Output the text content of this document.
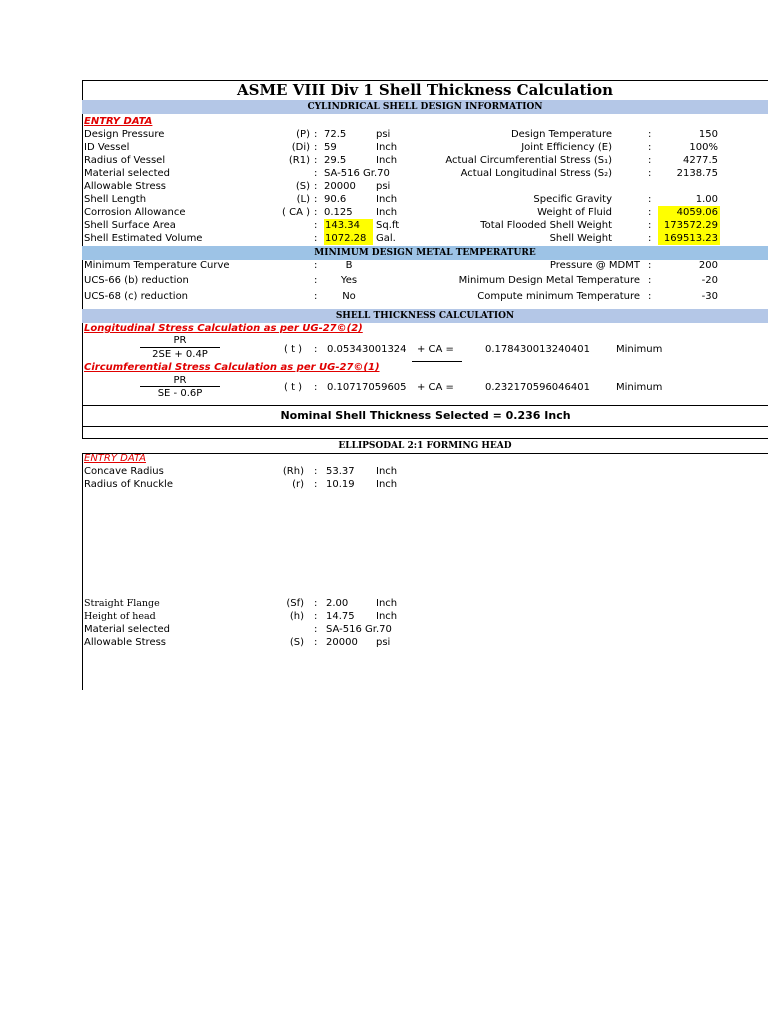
ASME VIII Div 1 Shell Thickness Calculation
CYLINDRICAL SHELL DESIGN INFORMATION
ENTRY DATA
Design Pressure	(P) : 72.5	psi
ID Vessel	(Di) : 59	Inch
Radius of Vessel	(R1) : 29.5	Inch
Material selected	: SA-516 Gr.70
Allowable Stress	(S) : 20000 psi
Shell Length	(L) : 90.6	Inch
Corrosion Allowance	( CA ) : 0.125 Inch
Shell Surface Area	: 143.34	Sq.ft
Shell Estimated Volume	: 1072.28 Gal.
Design Temperature	:	150
Joint Efficiency (E)	:	100%
Actual Circumferential Stress (S₁)	:	4277.5
Actual Longitudinal Stress (S₂)	:	2138.75
Specific Gravity	:	1.00
Weight of Fluid	:	4059.06
Total Flooded Shell Weight	:	173572.29
Shell Weight	:	169513.23
MINIMUM DESIGN METAL TEMPERATURE
Minimum Temperature Curve	:	B
UCS-66 (b) reduction	:	Yes
UCS-68 (c) reduction	:	No
Pressure @ MDMT :	200
Minimum Design Metal Temperature :	-20
Compute minimum Temperature :	-30
SHELL THICKNESS CALCULATION
Longitudinal Stress Calculation as per UG-27©(2)
PR
2SE + 0.4P	( t ) : 0.05343001324 + CA =	0.178430013240401	Minimum
Circumferential Stress Calculation as per UG-27©(1)
PR
SE - 0.6P
( t ) : 0.10717059605 + CA =	0.232170596046401	Minimum
Nominal Shell Thickness Selected = 0.236 Inch
ELLIPSODAL 2:1 FORMING HEAD
ENTRY DATA
Concave Radius	(Rh) : 53.37 Inch
Radius of Knuckle	(r) : 10.19 Inch
Straight Flange	(Sf) : 2.00	Inch
Height of head	(h) : 14.75 Inch
Material selected	: SA-516 Gr.70
Allowable Stress	(S) : 20000 psi
